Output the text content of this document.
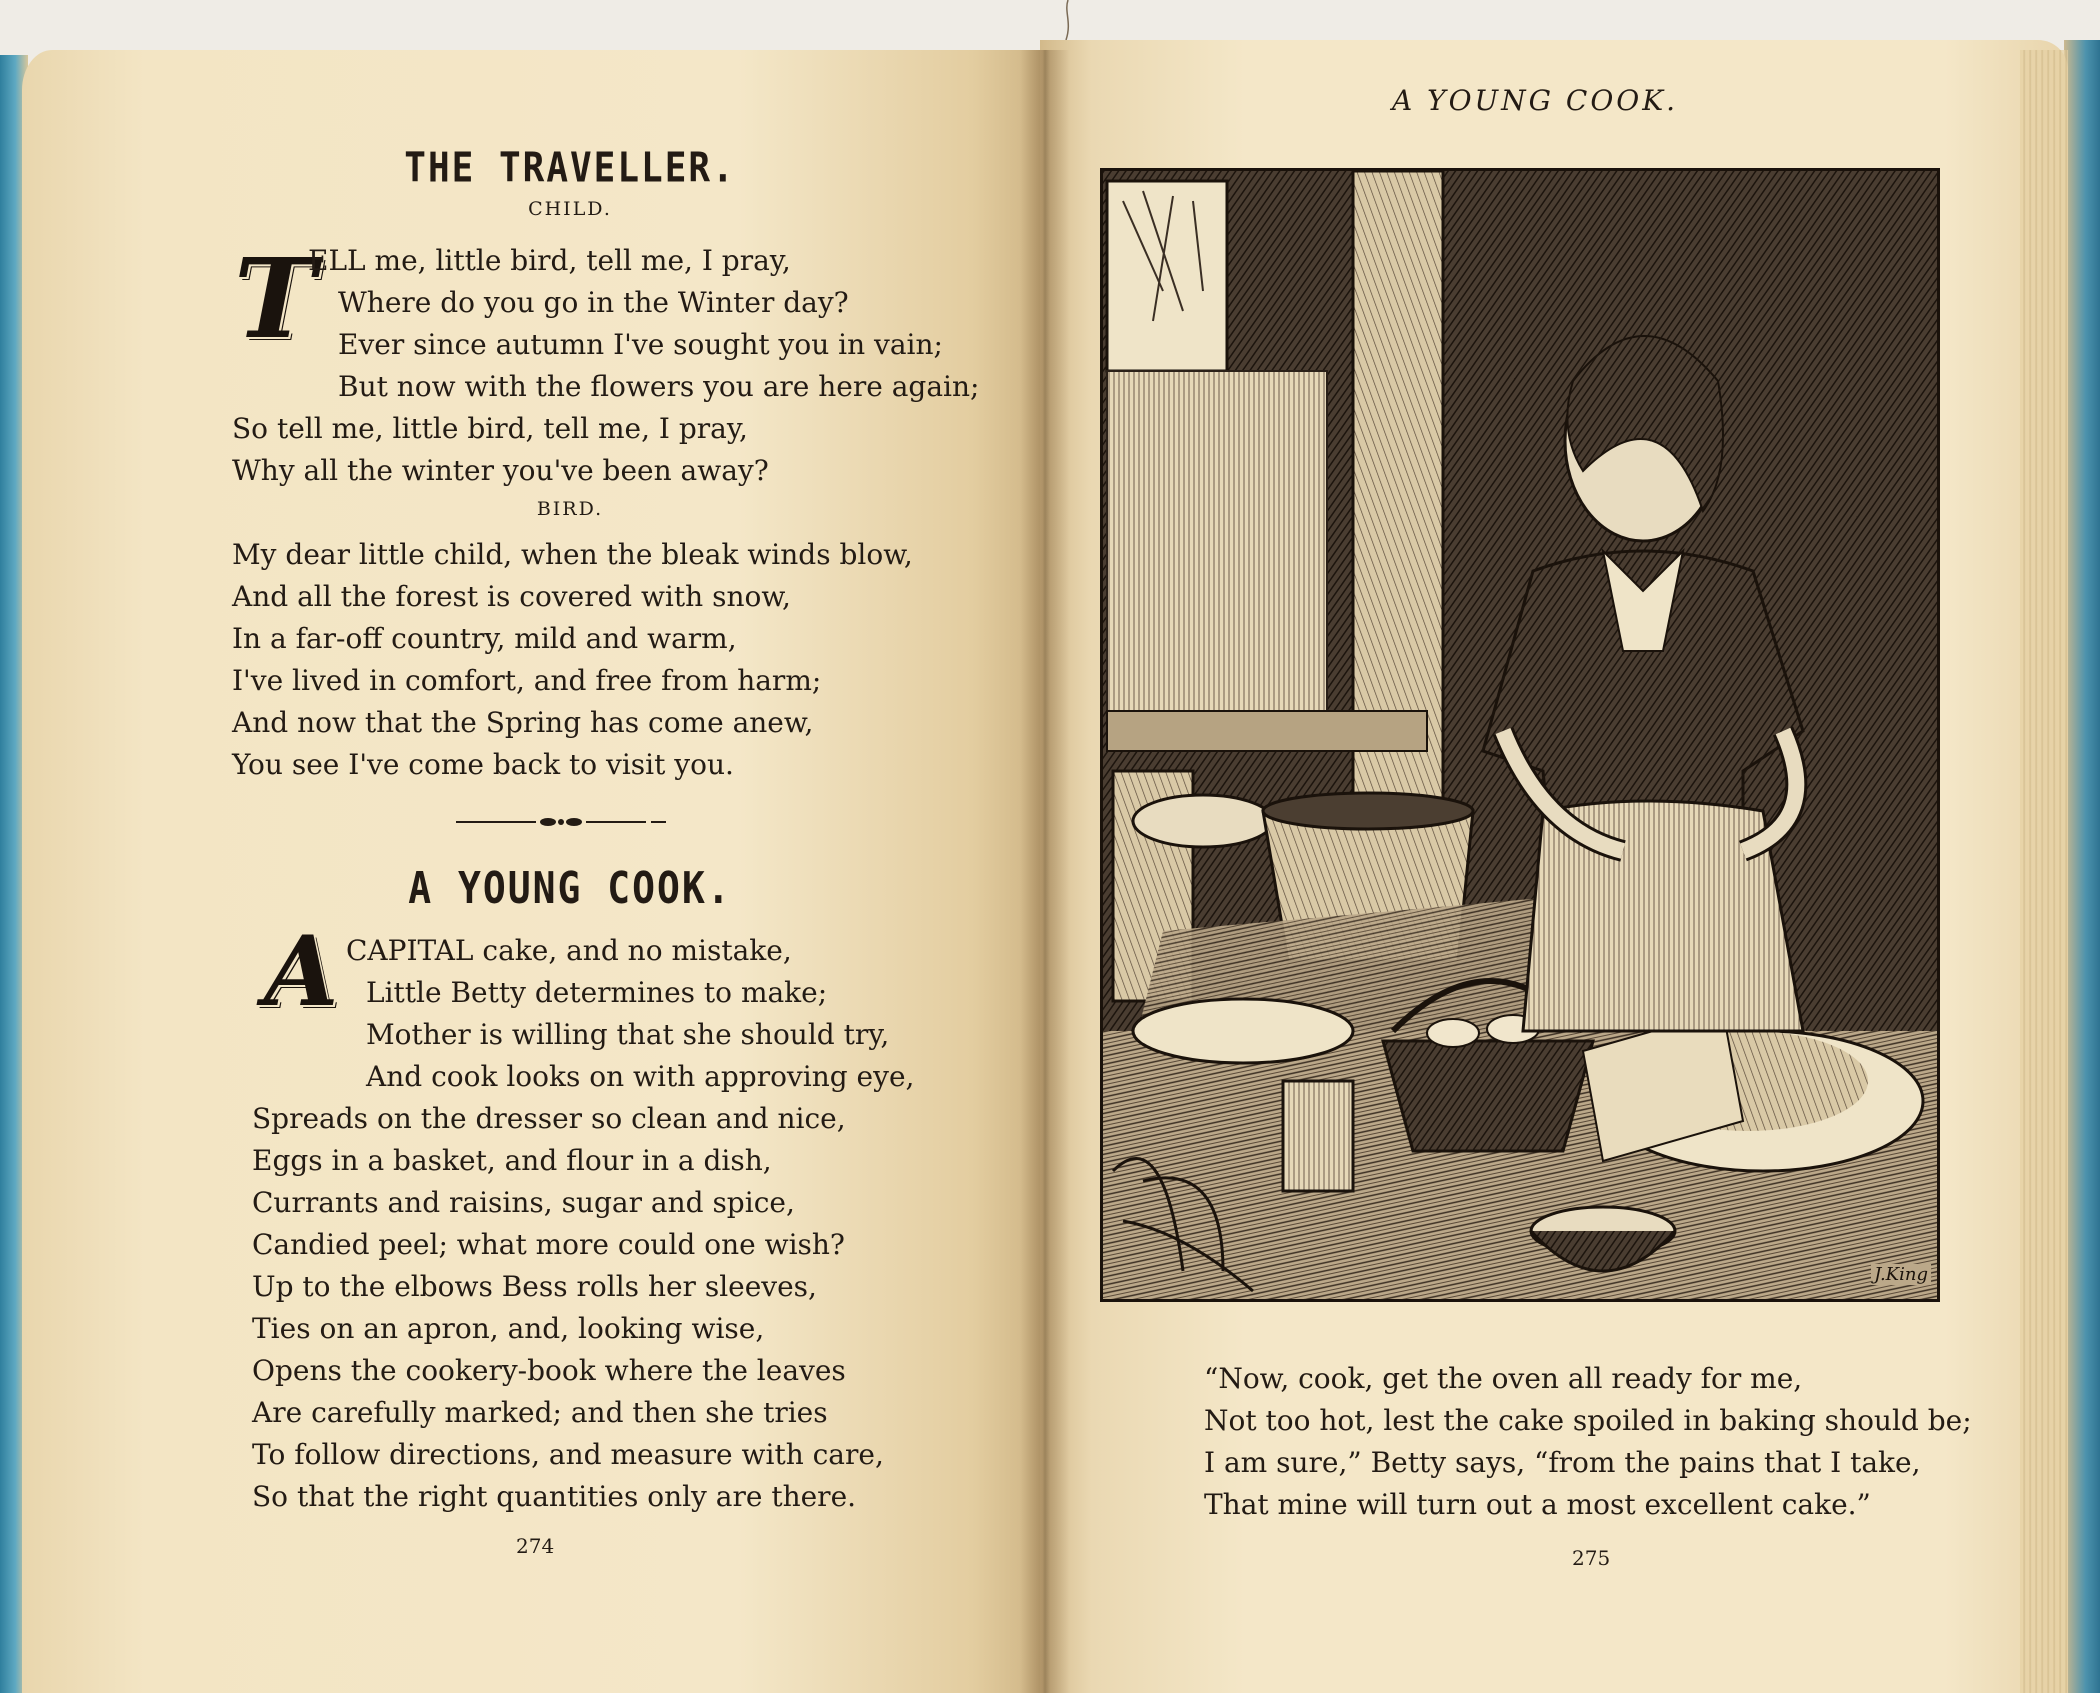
THE TRAVELLER.
CHILD.
T
ELL me, little bird, tell me, I pray,
Where do you go in the Winter day?
Ever since autumn I've sought you in vain;
But now with the flowers you are here again;
So tell me, little bird, tell me, I pray,
Why all the winter you've been away?
BIRD.
My dear little child, when the bleak winds blow,
And all the forest is covered with snow,
In a far-off country, mild and warm,
I've lived in comfort, and free from harm;
And now that the Spring has come anew,
You see I've come back to visit you.
A YOUNG COOK.
A CAPITAL cake, and no mistake,
Little Betty determines to make;
Mother is willing that she should try,
And cook looks on with approving eye,
Spreads on the dresser so clean and nice,
Eggs in a basket, and flour in a dish,
Currants and raisins, sugar and spice,
Candied peel; what more could one wish?
Up to the elbows Bess rolls her sleeves,
Ties on an apron, and, looking wise,
Opens the cookery-book where the leaves
Are carefully marked; and then she tries
To follow directions, and measure with care,
So that the right quantities only are there.
274
A YOUNG COOK.
J.King
“Now, cook, get the oven all ready for me,
Not too hot, lest the cake spoiled in baking should be;
I am sure,” Betty says, “from the pains that I take,
That mine will turn out a most excellent cake.”
275
